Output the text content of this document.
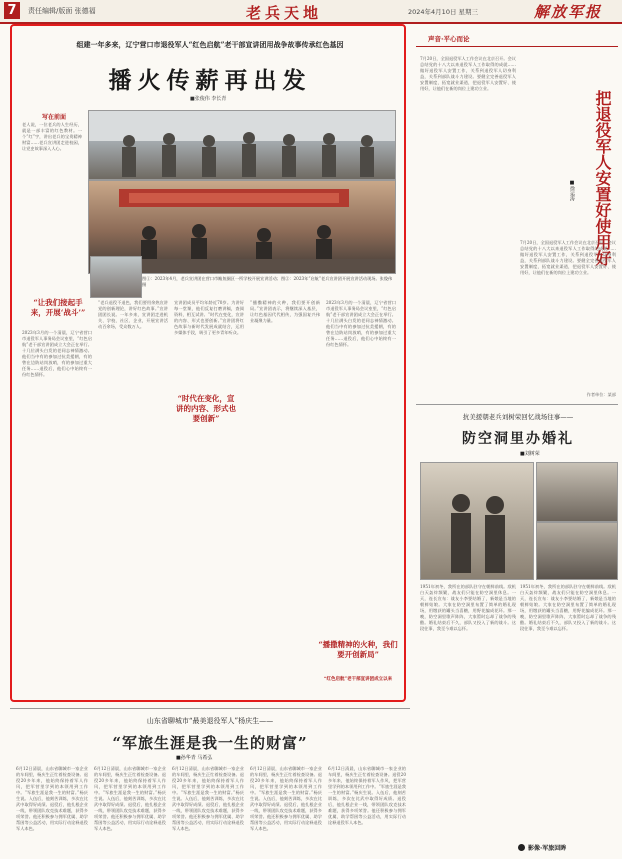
7	责任编辑/版面 张德福	老兵天地	2024年4月10日 星期三	解放军报
组建一年多来，辽宁营口市退役军人“红色启航”老干部宣讲团用战争故事传承红色基因
播火传薪再出发
■张俊伟 李长青
写在前面
老人说，一位老兵的人生经历，就是一部丰富的红色教材。一个“红”字，讲出老兵的宝贵精神财富……老兵宣讲团走进校园，让党史故事深入人心。
图①：2023年4月，老兵宣讲团在营口市鲅鱼圈区一所学校开展宣讲活动；图②：2023年“启航”老兵宣讲团开展宣讲活动现场。张俊伟摄
“让我们接起手来，开展‘战斗’”
2023年3月的一个清晨，辽宁省营口市退役军人事务局会议室里，“红色启航”老干部宣讲团成立大会正在举行。十几位满头白发的老同志神情激动。他们当中有的参加过抗美援朝，有的曾在边防站岗放哨，有的参加过重大任务……退役后，他们心中始终有一份红色情怀。
“老兵退役不退色，我们要用余热宣讲党的创新理论，讲好红色故事。”宣讲团团长说。一年多来，宣讲团走进机关、学校、社区、企业，开展宣讲活动百余场，受众数万人。
“时代在变化，宣讲的内容、形式也要创新”
宣讲团成员平均年龄近70岁。为讲好每一堂课，他们反复打磨讲稿，查阅资料，相互试讲。“时代在变化，宣讲的内容、形式也要创新。”宣讲团将红色故事与新时代发展成就结合，运用多媒体手段，吸引了更多青年听众。
“播撒精神的火种，我们要开创新局。”宣讲团表示，将继续深入基层，让红色基因代代相传，为强国复兴伟业凝聚力量。
2023年3月的一个清晨，辽宁省营口市退役军人事务局会议室里，“红色启航”老干部宣讲团成立大会正在举行。十几位满头白发的老同志神情激动。他们当中有的参加过抗美援朝，有的曾在边防站岗放哨，有的参加过重大任务……退役后，他们心中始终有一份红色情怀。
“播撒精神的火种，我们要开创新局”
“红色启航”老干部宣讲团成立以来
声音·平心而论
7月20日，全国退役军人工作会议在北京召开。会议总结党的十八大以来退役军人工作取得的成就……做好退役军人安置工作，关系到退役军人切身利益，关系到部队战斗力建设。要健全完善退役军人安置制度，拓宽就业渠道，把退役军人安置好、使用好，让他们在新的岗位上建功立业。
把退役军人安置好使用好
■徐运涛
7月20日，全国退役军人工作会议在北京召开。会议总结党的十八大以来退役军人工作取得的成就……做好退役军人安置工作，关系到退役军人切身利益，关系到部队战斗力建设。要健全完善退役军人安置制度，拓宽就业渠道，把退役军人安置好、使用好，让他们在新的岗位上建功立业。
作者单位：某部
抗美援朝老兵刘树荣回忆战场往事——
防空洞里办婚礼
■刘树荣
1951年初冬，我所在的部队驻守在朝鲜前线。敌机白天轰炸频繁，战友们只能在防空洞里休息。一天，连长宣布：战友小李要结婚了，新娘是当地的朝鲜姑娘。大家在防空洞里布置了简单的婚礼现场，用缴获的罐头当喜糖，用野花编成花环。那一晚，防空洞里歌声阵阵，大家暂时忘却了战争的残酷。婚礼结束后不久，部队又投入了新的战斗。这段往事，我至今难以忘怀。
1951年初冬，我所在的部队驻守在朝鲜前线。敌机白天轰炸频繁，战友们只能在防空洞里休息。一天，连长宣布：战友小李要结婚了，新娘是当地的朝鲜姑娘。大家在防空洞里布置了简单的婚礼现场，用缴获的罐头当喜糖，用野花编成花环。那一晚，防空洞里歌声阵阵，大家暂时忘却了战争的残酷。婚礼结束后不久，部队又投入了新的战斗。这段往事，我至今难以忘怀。
影像·军旅回眸
山东省聊城市“最美退役军人”杨庆生——
“军旅生涯是我一生的财富”
■孙华青 马希弘
6月12日清晨，山东省聊城市一家企业的车间里，杨庆生正忙着检查设备。退役20多年来，他始终保持着军人作风，把军营里学到的本领用到工作中。“军旅生涯是我一生的财富。”杨庆生说。入伍后，他刻苦训练，多次在比武中取得好成绩。退役后，他扎根企业一线，带领团队攻克技术难题，获得多项荣誉。他还积极参与拥军优属、助学帮困等公益活动，用实际行动诠释退役军人本色。
6月12日清晨，山东省聊城市一家企业的车间里，杨庆生正忙着检查设备。退役20多年来，他始终保持着军人作风，把军营里学到的本领用到工作中。“军旅生涯是我一生的财富。”杨庆生说。入伍后，他刻苦训练，多次在比武中取得好成绩。退役后，他扎根企业一线，带领团队攻克技术难题，获得多项荣誉。他还积极参与拥军优属、助学帮困等公益活动，用实际行动诠释退役军人本色。
6月12日清晨，山东省聊城市一家企业的车间里，杨庆生正忙着检查设备。退役20多年来，他始终保持着军人作风，把军营里学到的本领用到工作中。“军旅生涯是我一生的财富。”杨庆生说。入伍后，他刻苦训练，多次在比武中取得好成绩。退役后，他扎根企业一线，带领团队攻克技术难题，获得多项荣誉。他还积极参与拥军优属、助学帮困等公益活动，用实际行动诠释退役军人本色。
6月12日清晨，山东省聊城市一家企业的车间里，杨庆生正忙着检查设备。退役20多年来，他始终保持着军人作风，把军营里学到的本领用到工作中。“军旅生涯是我一生的财富。”杨庆生说。入伍后，他刻苦训练，多次在比武中取得好成绩。退役后，他扎根企业一线，带领团队攻克技术难题，获得多项荣誉。他还积极参与拥军优属、助学帮困等公益活动，用实际行动诠释退役军人本色。
6月12日清晨，山东省聊城市一家企业的车间里，杨庆生正忙着检查设备。退役20多年来，他始终保持着军人作风，把军营里学到的本领用到工作中。“军旅生涯是我一生的财富。”杨庆生说。入伍后，他刻苦训练，多次在比武中取得好成绩。退役后，他扎根企业一线，带领团队攻克技术难题，获得多项荣誉。他还积极参与拥军优属、助学帮困等公益活动，用实际行动诠释退役军人本色。
